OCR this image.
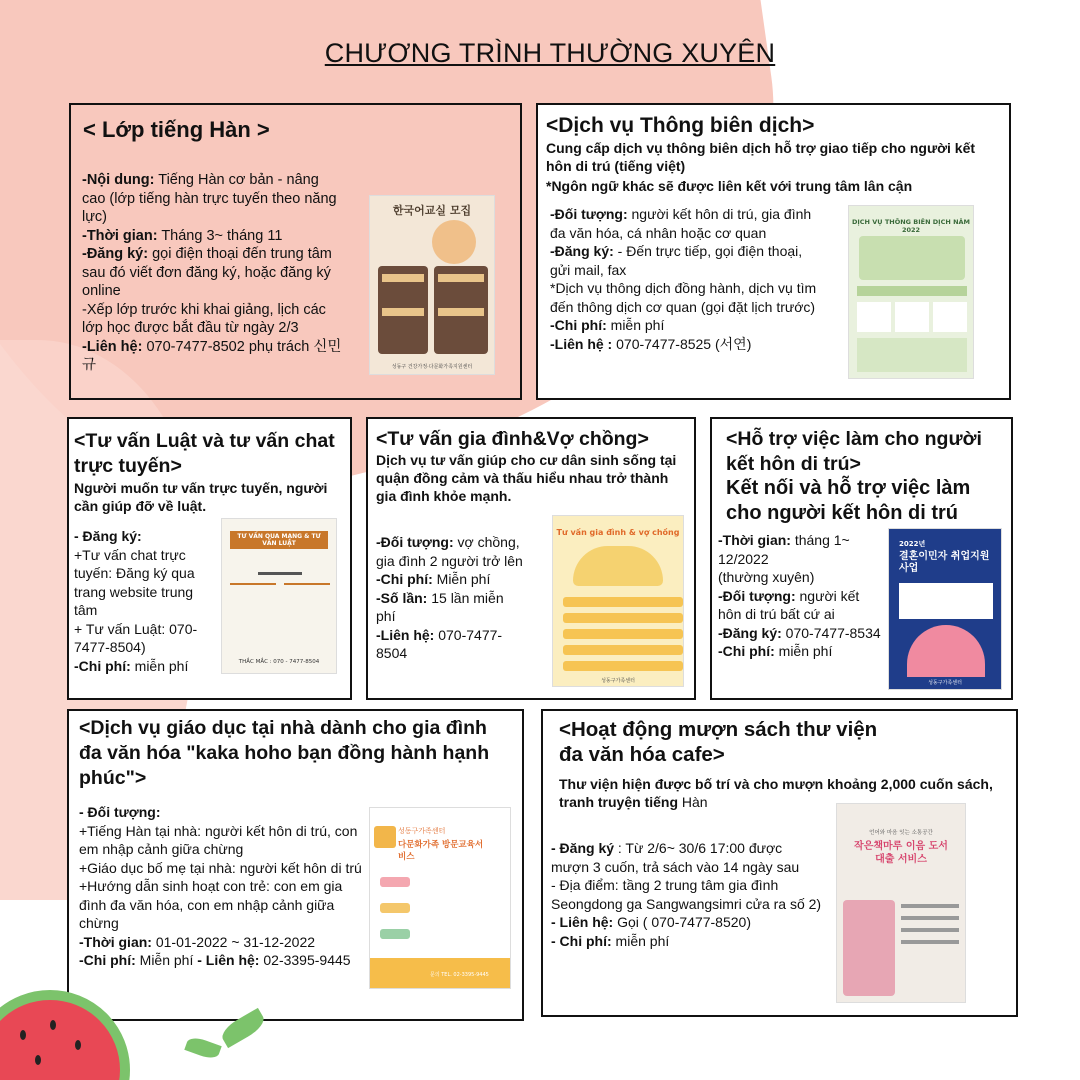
CHƯƠNG TRÌNH THƯỜNG XUYÊN
< Lớp tiếng Hàn >
-Nội dung: Tiếng Hàn cơ bản - nâng cao (lớp tiếng hàn trực tuyến theo năng lực)
-Thời gian: Tháng 3~ tháng 11
-Đăng ký: gọi điện thoại đến trung tâm sau đó viết đơn đăng ký, hoặc đăng ký online
-Xếp lớp trước khi khai giảng, lịch các lớp học được bắt đầu từ ngày 2/3
-Liên hệ: 070-7477-8502 phụ trách 신민규
한국어교실 모집
성동구 건강가정·다문화가족지원센터
<Dịch vụ Thông biên dịch>
Cung cấp dịch vụ thông biên dịch hỗ trợ giao tiếp cho người kết hôn di trú (tiếng việt)
*Ngôn ngữ khác sẽ được liên kết với trung tâm lân cận
-Đối tượng: người kết hôn di trú, gia đình đa văn hóa, cá nhân hoặc cơ quan
-Đăng ký: - Đến trực tiếp, gọi điện thoại, gửi mail, fax
*Dịch vụ thông dịch đồng hành, dịch vụ tìm đến thông dịch cơ quan (gọi đặt lịch trước)
-Chi phí: miễn phí
-Liên hệ : 070-7477-8525 (서연)
DỊCH VỤ THÔNG BIÊN DỊCH NĂM 2022
<Tư vấn Luật và tư vấn chat trực tuyến>
Người muốn tư vấn trực tuyến, người cần giúp đỡ về luật.
- Đăng ký:
+Tư vấn chat trực tuyến: Đăng ký qua trang website trung tâm
+ Tư vấn Luật: 070-7477-8504)
-Chi phí: miễn phí
TƯ VẤN QUA MẠNG & TƯ VẤN LUẬT
THẮC MẮC : 070 - 7477-8504
<Tư vấn gia đình&Vợ chồng>
Dịch vụ tư vấn giúp cho cư dân sinh sống tại quận đồng cảm và thấu hiểu nhau trở thành gia đình khỏe mạnh.
-Đối tượng: vợ chồng, gia đình 2 người trở lên
-Chi phí: Miễn phí
-Số lần: 15 lần miễn phí
-Liên hệ: 070-7477-8504
Tư vấn gia đình & vợ chồng
성동구가족센터
<Hỗ trợ việc làm cho người kết hôn di trú>
Kết nối và hỗ trợ việc làm cho người kết hôn di trú
-Thời gian: tháng 1~ 12/2022
(thường xuyên)
-Đối tượng: người kết hôn di trú bất cứ ai
-Đăng ký: 070-7477-8534
-Chi phí: miễn phí
2022년
결혼이민자 취업지원사업
성동구가족센터
<Dịch vụ giáo dục tại nhà dành cho gia đình đa văn hóa "kaka hoho bạn đồng hành hạnh phúc">
- Đối tượng:
+Tiếng Hàn tại nhà: người kết hôn di trú, con em nhập cảnh giữa chừng
+Giáo dục bố mẹ tại nhà: người kết hôn di trú
+Hướng dẫn sinh hoạt con trẻ: con em gia đình đa văn hóa, con em nhập cảnh giữa chừng
-Thời gian: 01-01-2022 ~ 31-12-2022
-Chi phí: Miễn phí - Liên hệ: 02-3395-9445
성동구가족센터
다문화가족 방문교육서비스
문의 TEL. 02-3395-9445
<Hoạt động mượn sách thư viện đa văn hóa cafe>
Thư viện hiện được bố trí và cho mượn khoảng 2,000 cuốn sách, tranh truyện tiếng Hàn
- Đăng ký : Từ 2/6~ 30/6 17:00 được mượn 3 cuốn, trả sách vào 14 ngày sau
- Địa điểm: tầng 2 trung tâm gia đình Seongdong ga Sangwangsimri cửa ra số 2)
- Liên hệ: Gọi ( 070-7477-8520)
- Chi phí: miễn phí
언어와 마음 잇는 소통공간
작은책마루 이음 도서대출 서비스
